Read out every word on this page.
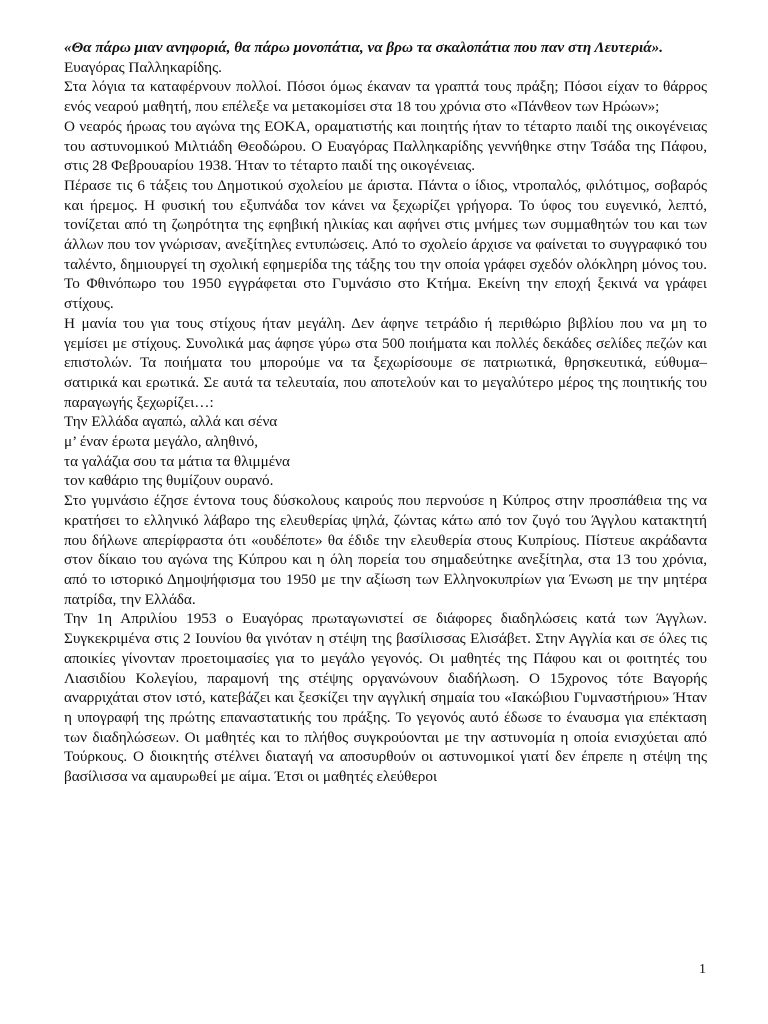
«Θα πάρω μιαν ανηφοριά, θα πάρω μονοπάτια, να βρω τα σκαλοπάτια που παν στη Λευτεριά».

Ευαγόρας Παλληκαρίδης.

Στα λόγια τα καταφέρνουν πολλοί. Πόσοι όμως έκαναν τα γραπτά τους πράξη; Πόσοι είχαν το θάρρος ενός νεαρού μαθητή, που επέλεξε να μετακομίσει στα 18 του χρόνια στο «Πάνθεον των Ηρώων»;

Ο νεαρός ήρωας του αγώνα της ΕΟΚΑ, οραματιστής και ποιητής ήταν το τέταρτο παιδί της οικογένειας του αστυνομικού Μιλτιάδη Θεοδώρου. Ο Ευαγόρας Παλληκαρίδης γεννήθηκε στην Τσάδα της Πάφου, στις 28 Φεβρουαρίου 1938. Ήταν το τέταρτο παιδί της οικογένειας.

Πέρασε τις 6 τάξεις του Δημοτικού σχολείου με άριστα. Πάντα ο ίδιος, ντροπαλός, φιλότιμος, σοβαρός και ήρεμος. Η φυσική του εξυπνάδα τον κάνει να ξεχωρίζει γρήγορα. Το ύφος του ευγενικό, λεπτό, τονίζεται από τη ζωηρότητα της εφηβική ηλικίας και αφήνει στις μνήμες των συμμαθητών του και των άλλων που τον γνώρισαν, ανεξίτηλες εντυπώσεις. Από το σχολείο άρχισε να φαίνεται το συγγραφικό του ταλέντο, δημιουργεί τη σχολική εφημερίδα της τάξης του την οποία γράφει σχεδόν ολόκληρη μόνος του. Το Φθινόπωρο του 1950 εγγράφεται στο Γυμνάσιο στο Κτήμα. Εκείνη την εποχή ξεκινά να γράφει στίχους.

Η μανία του για τους στίχους ήταν μεγάλη. Δεν άφηνε τετράδιο ή περιθώριο βιβλίου που να μη το γεμίσει με στίχους. Συνολικά μας άφησε γύρω στα 500 ποιήματα και πολλές δεκάδες σελίδες πεζών και επιστολών. Τα ποιήματα του μπορούμε να τα ξεχωρίσουμε σε πατριωτικά, θρησκευτικά, εύθυμα–σατιρικά και ερωτικά. Σε αυτά τα τελευταία, που αποτελούν και το μεγαλύτερο μέρος της ποιητικής του παραγωγής ξεχωρίζει…:

Την Ελλάδα αγαπώ, αλλά και σένα

μ’ έναν έρωτα μεγάλο, αληθινό,

τα γαλάζια σου τα μάτια τα θλιμμένα

τον καθάριο της θυμίζουν ουρανό.

Στο γυμνάσιο έζησε έντονα τους δύσκολους καιρούς που περνούσε η Κύπρος στην προσπάθεια της να κρατήσει το ελληνικό λάβαρο της ελευθερίας ψηλά, ζώντας κάτω από τον ζυγό του Άγγλου κατακτητή που δήλωνε απερίφραστα ότι «ουδέποτε» θα έδιδε την ελευθερία στους Κυπρίους. Πίστευε ακράδαντα στον δίκαιο του αγώνα της Κύπρου και η όλη πορεία του σημαδεύτηκε ανεξίτηλα, στα 13 του χρόνια, από το ιστορικό Δημοψήφισμα του 1950 με την αξίωση των Ελληνοκυπρίων για Ένωση με την μητέρα πατρίδα, την Ελλάδα.

Την 1η Απριλίου 1953 ο Ευαγόρας πρωταγωνιστεί σε διάφορες διαδηλώσεις κατά των Άγγλων. Συγκεκριμένα στις 2 Ιουνίου θα γινόταν η στέψη της βασίλισσας Ελισάβετ. Στην Αγγλία και σε όλες τις αποικίες γίνονταν προετοιμασίες για το μεγάλο γεγονός. Οι μαθητές της Πάφου και οι φοιτητές του Λιασιδίου Κολεγίου, παραμονή της στέψης οργανώνουν διαδήλωση. Ο 15χρονος τότε Βαγορής αναρριχάται στον ιστό, κατεβάζει και ξεσκίζει την αγγλική σημαία του «Ιακώβιου Γυμναστήριου» Ήταν η υπογραφή της πρώτης επαναστατικής του πράξης. Το γεγονός αυτό έδωσε το έναυσμα για επέκταση των διαδηλώσεων. Οι μαθητές και το πλήθος συγκρούονται με την αστυνομία η οποία ενισχύεται από Τούρκους. Ο διοικητής στέλνει διαταγή να αποσυρθούν οι αστυνομικοί γιατί δεν έπρεπε η στέψη της βασίλισσα να αμαυρωθεί με αίμα. Έτσι οι μαθητές ελεύθεροι

1
